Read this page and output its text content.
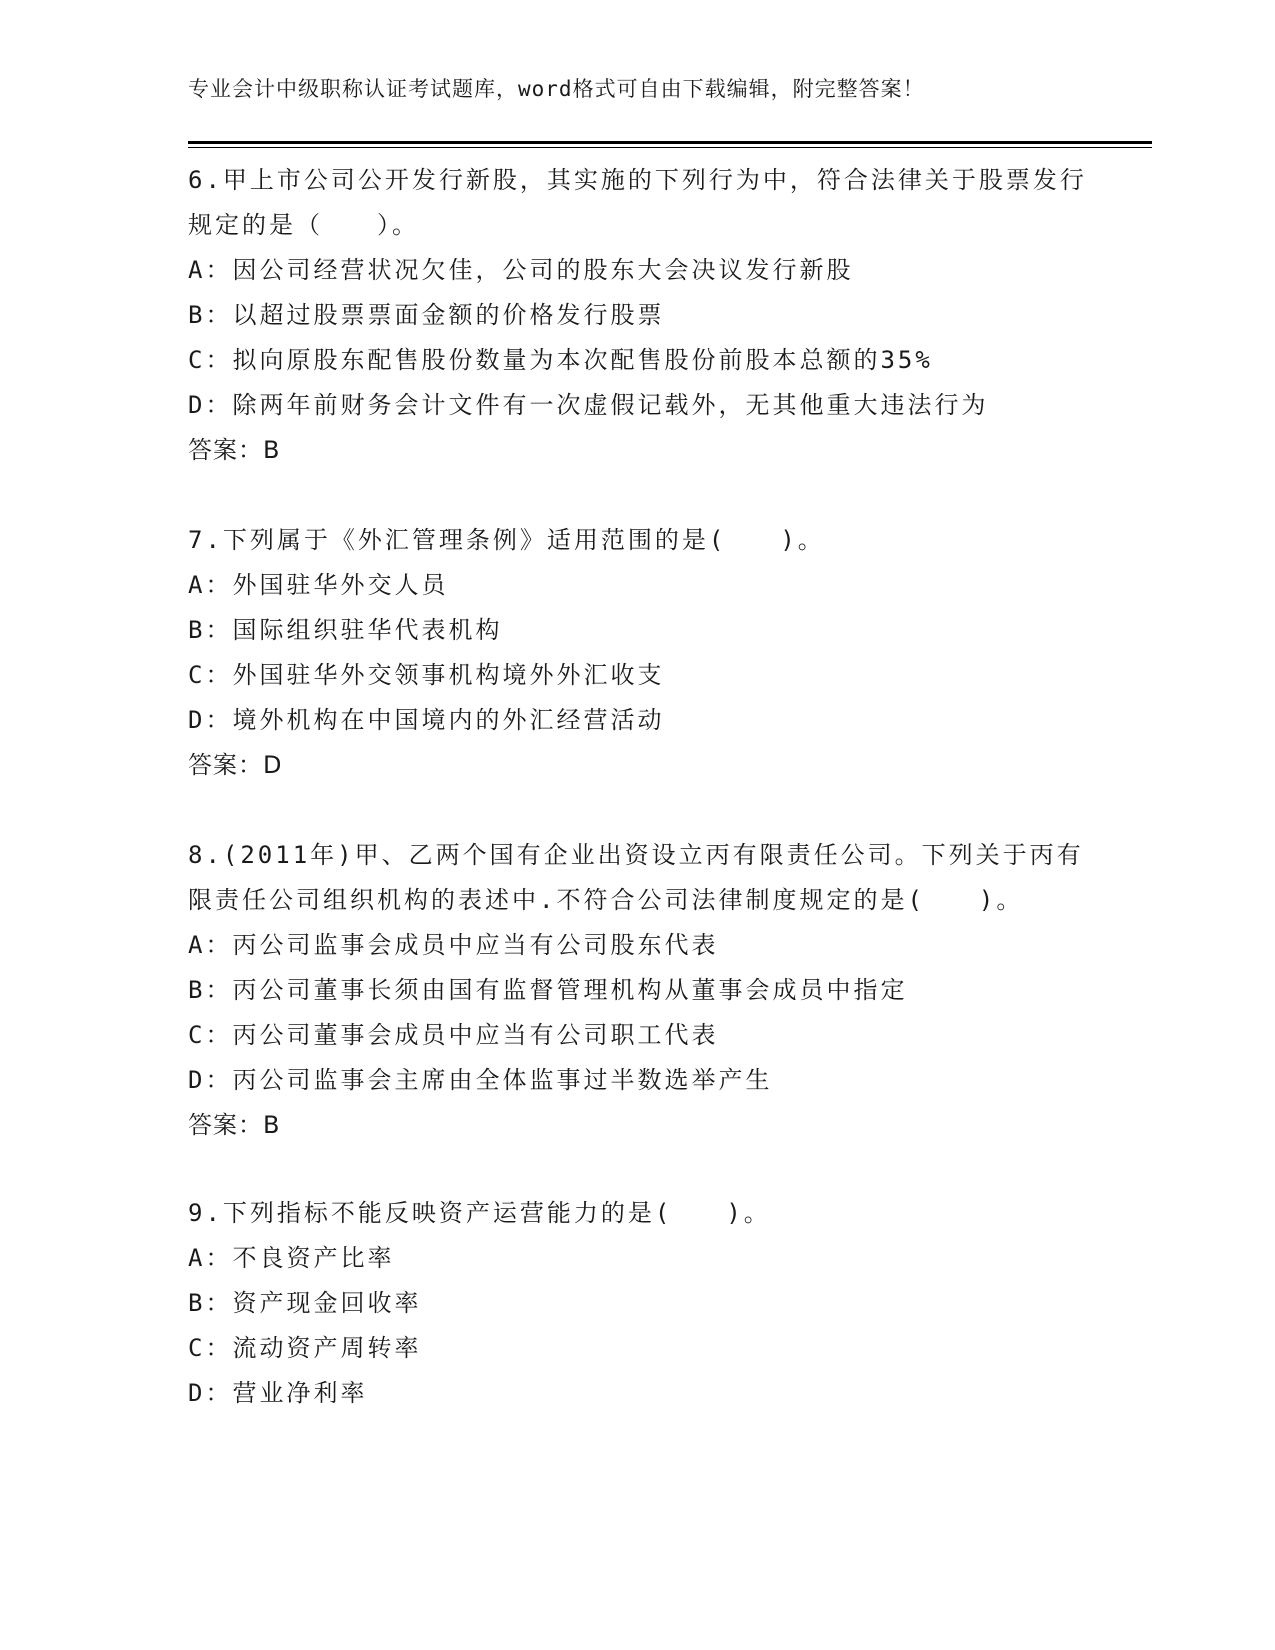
专业会计中级职称认证考试题库，word格式可自由下载编辑，附完整答案！
6.甲上市公司公开发行新股，其实施的下列行为中，符合法律关于股票发行规定的是（　　）。
A：因公司经营状况欠佳，公司的股东大会决议发行新股
B：以超过股票票面金额的价格发行股票
C：拟向原股东配售股份数量为本次配售股份前股本总额的35%
D：除两年前财务会计文件有一次虚假记载外，无其他重大违法行为
答案：B
7.下列属于《外汇管理条例》适用范围的是(　　)。
A：外国驻华外交人员
B：国际组织驻华代表机构
C：外国驻华外交领事机构境外外汇收支
D：境外机构在中国境内的外汇经营活动
答案：D
8.(2011年)甲、乙两个国有企业出资设立丙有限责任公司。下列关于丙有限责任公司组织机构的表述中.不符合公司法律制度规定的是(　　)。
A：丙公司监事会成员中应当有公司股东代表
B：丙公司董事长须由国有监督管理机构从董事会成员中指定
C：丙公司董事会成员中应当有公司职工代表
D：丙公司监事会主席由全体监事过半数选举产生
答案：B
9.下列指标不能反映资产运营能力的是(　　)。
A：不良资产比率
B：资产现金回收率
C：流动资产周转率
D：营业净利率
